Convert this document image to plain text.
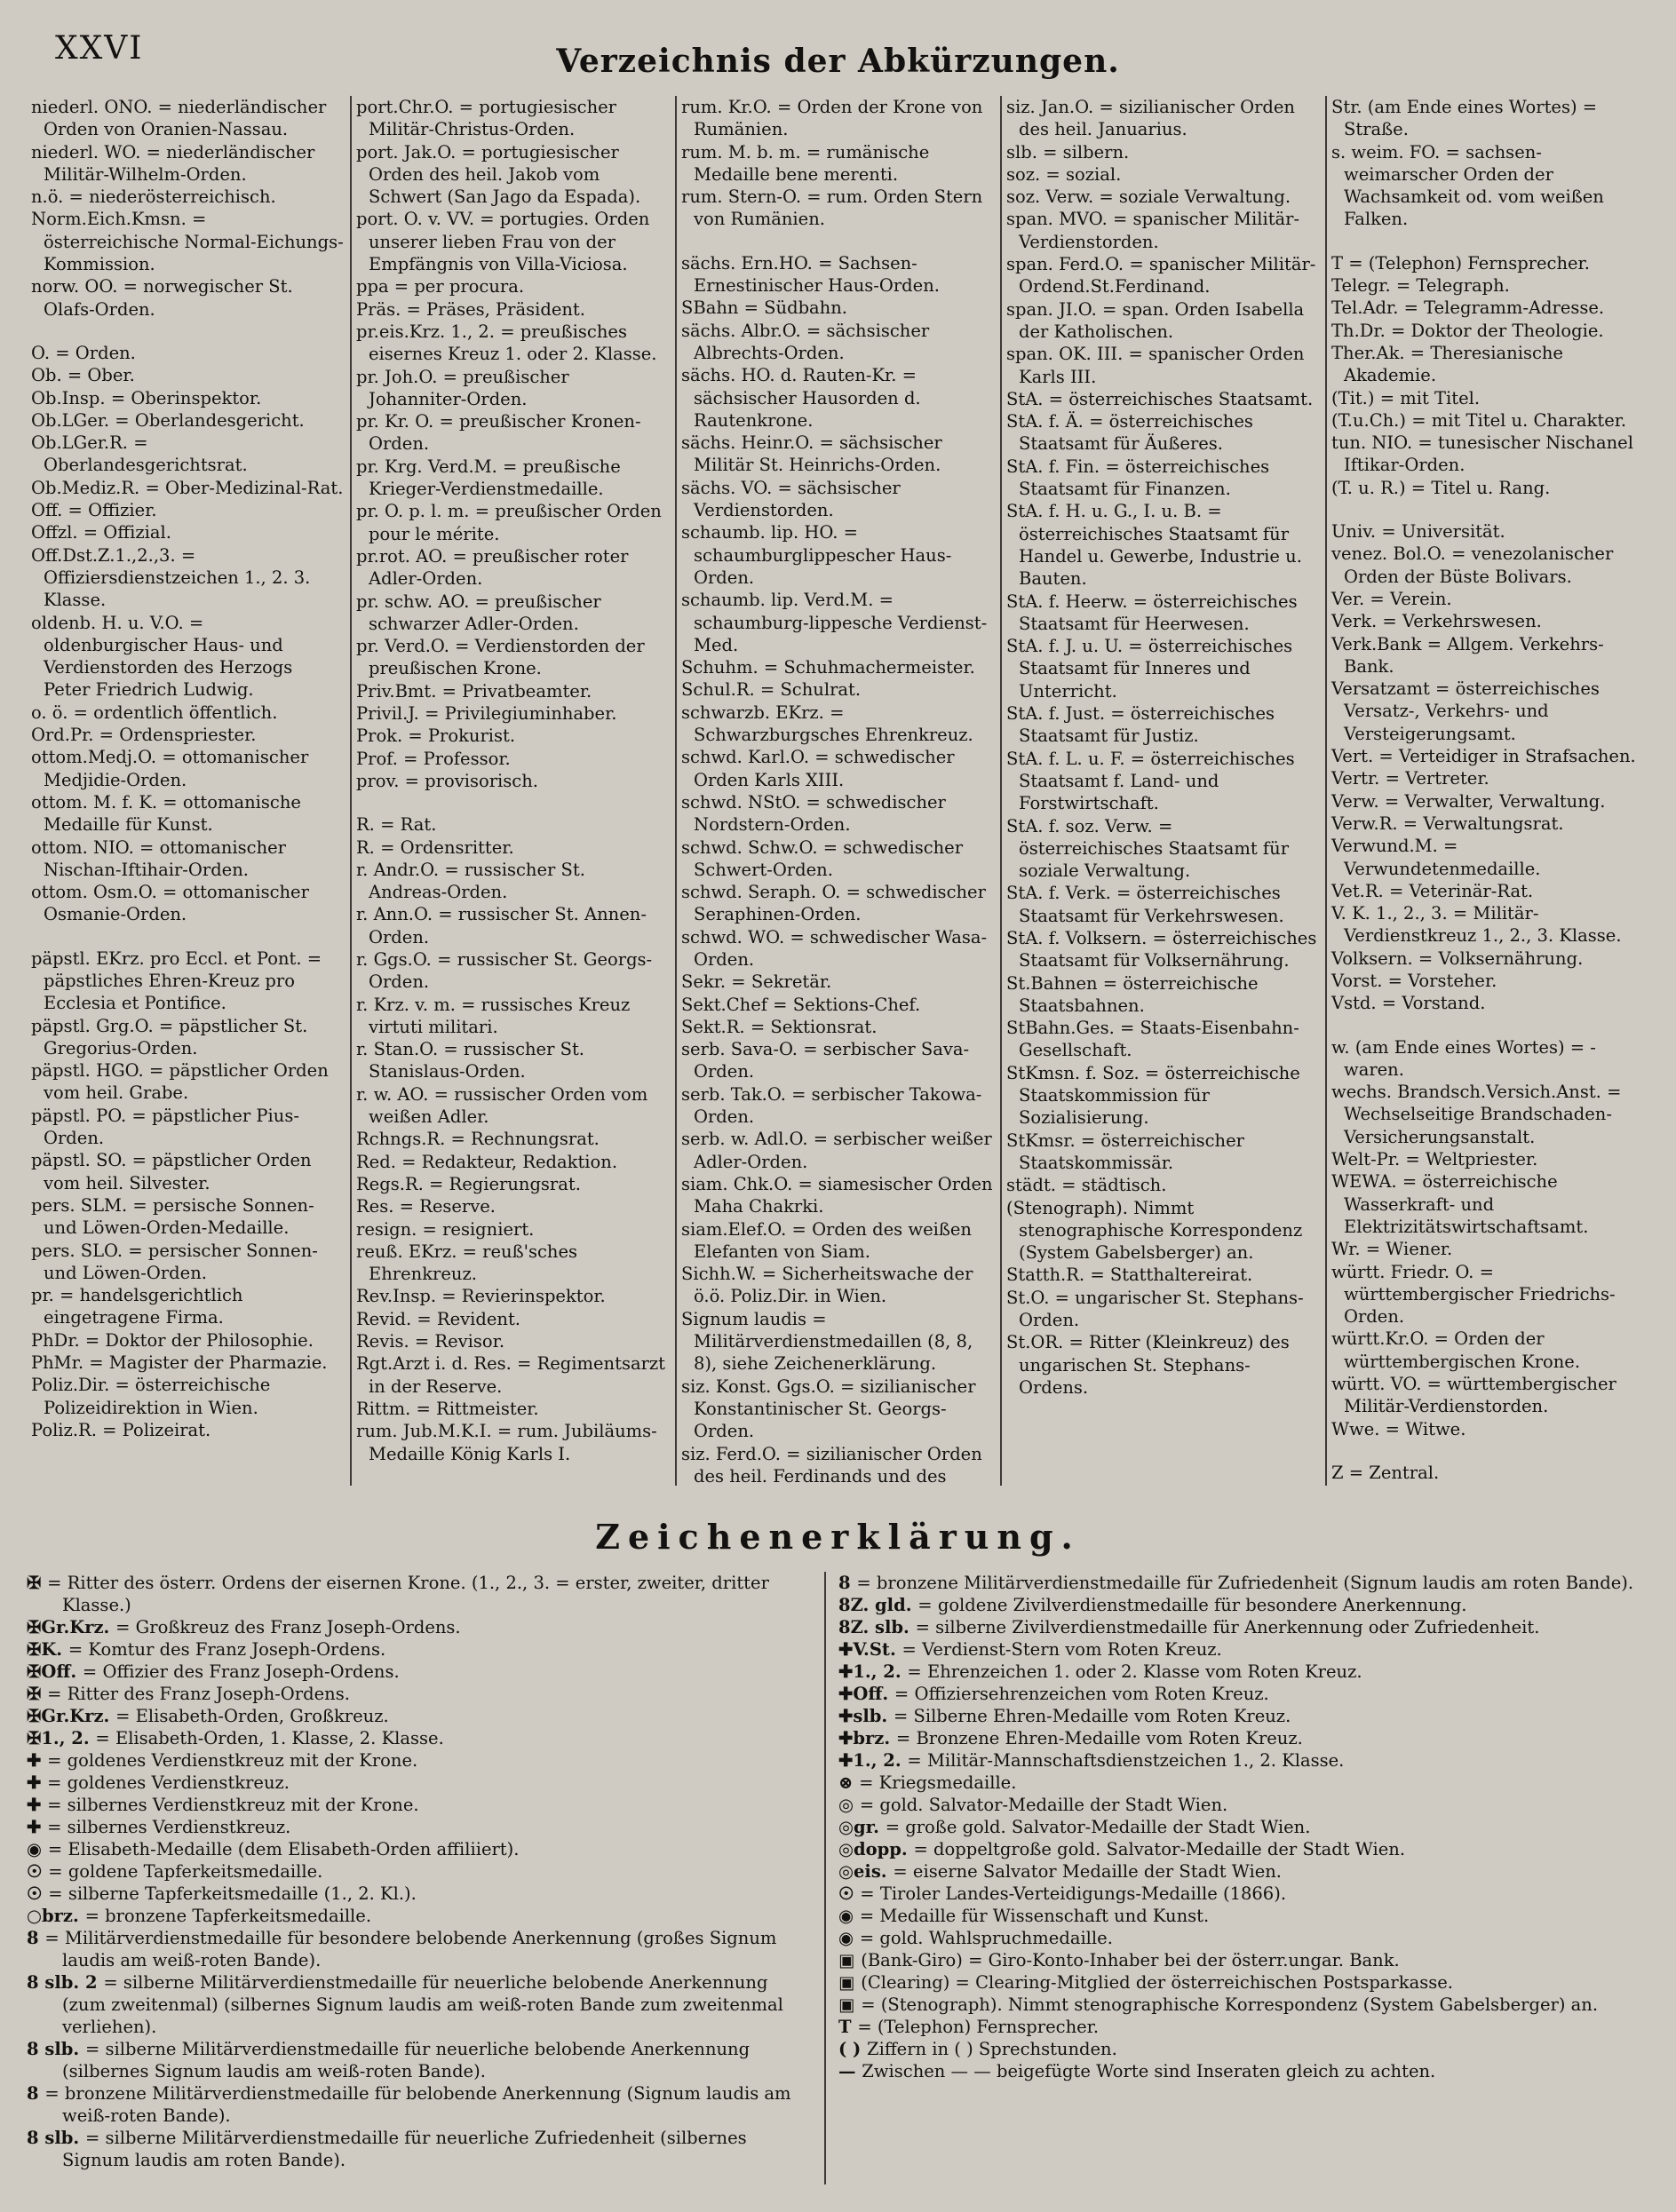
XXVI	Verzeichnis der Abkürzungen.
niederl. ONO. = niederländischer Orden von Oranien-Nassau.
niederl. WO. = niederländischer Militär-Wilhelm-Orden.
n.ö. = niederösterreichisch.
Norm.Eich.Kmsn. = österreichische Normal-Eichungs-Kommission.
norw. OO. = norwegischer St. Olafs-Orden.
O. = Orden.
Ob. = Ober.
Ob.Insp. = Oberinspektor.
Ob.LGer. = Oberlandesgericht.
Ob.LGer.R. = Oberlandesgerichtsrat.
Ob.Mediz.R. = Ober-Medizinal-Rat.
Off. = Offizier.
Offzl. = Offizial.
Off.Dst.Z.1.,2.,3. = Offiziersdienstzeichen 1., 2. 3. Klasse.
oldenb. H. u. V.O. = oldenburgischer Haus- und Verdienstorden des Herzogs Peter Friedrich Ludwig.
o. ö. = ordentlich öffentlich.
Ord.Pr. = Ordenspriester.
ottom.Medj.O. = ottomanischer Medjidie-Orden.
ottom. M. f. K. = ottomanische Medaille für Kunst.
ottom. NIO. = ottomanischer Nischan-Iftihair-Orden.
ottom. Osm.O. = ottomanischer Osmanie-Orden.
päpstl. EKrz. pro Eccl. et Pont. = päpstliches Ehren-Kreuz pro Ecclesia et Pontifice.
päpstl. Grg.O. = päpstlicher St. Gregorius-Orden.
päpstl. HGO. = päpstlicher Orden vom heil. Grabe.
päpstl. PO. = päpstlicher Pius-Orden.
päpstl. SO. = päpstlicher Orden vom heil. Silvester.
pers. SLM. = persische Sonnen- und Löwen-Orden-Medaille.
pers. SLO. = persischer Sonnen- und Löwen-Orden.
pr. = handelsgerichtlich eingetragene Firma.
PhDr. = Doktor der Philosophie.
PhMr. = Magister der Pharmazie.
Poliz.Dir. = österreichische Polizeidirektion in Wien.
Poliz.R. = Polizeirat.
port.Chr.O. = portugiesischer Militär-Christus-Orden.
port. Jak.O. = portugiesischer Orden des heil. Jakob vom Schwert (San Jago da Espada).
port. O. v. VV. = portugies. Orden unserer lieben Frau von der Empfängnis von Villa-Viciosa.
ppa = per procura.
Präs. = Präses, Präsident.
pr.eis.Krz. 1., 2. = preußisches eisernes Kreuz 1. oder 2. Klasse.
pr. Joh.O. = preußischer Johanniter-Orden.
pr. Kr. O. = preußischer Kronen-Orden.
pr. Krg. Verd.M. = preußische Krieger-Verdienstmedaille.
pr. O. p. l. m. = preußischer Orden pour le mérite.
pr.rot. AO. = preußischer roter Adler-Orden.
pr. schw. AO. = preußischer schwarzer Adler-Orden.
pr. Verd.O. = Verdienstorden der preußischen Krone.
Priv.Bmt. = Privatbeamter.
Privil.J. = Privilegiuminhaber.
Prok. = Prokurist.
Prof. = Professor.
prov. = provisorisch.
R. = Rat.
R. = Ordensritter.
r. Andr.O. = russischer St. Andreas-Orden.
r. Ann.O. = russischer St. Annen-Orden.
r. Ggs.O. = russischer St. Georgs-Orden.
r. Krz. v. m. = russisches Kreuz virtuti militari.
r. Stan.O. = russischer St. Stanislaus-Orden.
r. w. AO. = russischer Orden vom weißen Adler.
Rchngs.R. = Rechnungsrat.
Red. = Redakteur, Redaktion.
Regs.R. = Regierungsrat.
Res. = Reserve.
resign. = resigniert.
reuß. EKrz. = reuß'sches Ehrenkreuz.
Rev.Insp. = Revierinspektor.
Revid. = Revident.
Revis. = Revisor.
Rgt.Arzt i. d. Res. = Regimentsarzt in der Reserve.
Rittm. = Rittmeister.
rum. Jub.M.K.I. = rum. Jubiläums-Medaille König Karls I.
rum. Kr.O. = Orden der Krone von Rumänien.
rum. M. b. m. = rumänische Medaille bene merenti.
rum. Stern-O. = rum. Orden Stern von Rumänien.
sächs. Ern.HO. = Sachsen-Ernestinischer Haus-Orden.
SBahn = Südbahn.
sächs. Albr.O. = sächsischer Albrechts-Orden.
sächs. HO. d. Rauten-Kr. = sächsischer Hausorden d. Rautenkrone.
sächs. Heinr.O. = sächsischer Militär St. Heinrichs-Orden.
sächs. VO. = sächsischer Verdienstorden.
schaumb. lip. HO. = schaumburglippescher Haus-Orden.
schaumb. lip. Verd.M. = schaumburg-lippesche Verdienst-Med.
Schuhm. = Schuhmachermeister.
Schul.R. = Schulrat.
schwarzb. EKrz. = Schwarzburgsches Ehrenkreuz.
schwd. Karl.O. = schwedischer Orden Karls XIII.
schwd. NStO. = schwedischer Nordstern-Orden.
schwd. Schw.O. = schwedischer Schwert-Orden.
schwd. Seraph. O. = schwedischer Seraphinen-Orden.
schwd. WO. = schwedischer Wasa-Orden.
Sekr. = Sekretär.
Sekt.Chef = Sektions-Chef.
Sekt.R. = Sektionsrat.
serb. Sava-O. = serbischer Sava-Orden.
serb. Tak.O. = serbischer Takowa-Orden.
serb. w. Adl.O. = serbischer weißer Adler-Orden.
siam. Chk.O. = siamesischer Orden Maha Chakrki.
siam.Elef.O. = Orden des weißen Elefanten von Siam.
Sichh.W. = Sicherheitswache der ö.ö. Poliz.Dir. in Wien.
Signum laudis = Militärverdienstmedaillen (8, 8, 8), siehe Zeichenerklärung.
siz. Konst. Ggs.O. = sizilianischer Konstantinischer St. Georgs-Orden.
siz. Ferd.O. = sizilianischer Orden des heil. Ferdinands und des
siz. Jan.O. = sizilianischer Orden des heil. Januarius.
slb. = silbern.
soz. = sozial.
soz. Verw. = soziale Verwaltung.
span. MVO. = spanischer Militär-Verdienstorden.
span. Ferd.O. = spanischer Militär-Ordend.St.Ferdinand.
span. JI.O. = span. Orden Isabella der Katholischen.
span. OK. III. = spanischer Orden Karls III.
StA. = österreichisches Staatsamt.
StA. f. Ä. = österreichisches Staatsamt für Äußeres.
StA. f. Fin. = österreichisches Staatsamt für Finanzen.
StA. f. H. u. G., I. u. B. = österreichisches Staatsamt für Handel u. Gewerbe, Industrie u. Bauten.
StA. f. Heerw. = österreichisches Staatsamt für Heerwesen.
StA. f. J. u. U. = österreichisches Staatsamt für Inneres und Unterricht.
StA. f. Just. = österreichisches Staatsamt für Justiz.
StA. f. L. u. F. = österreichisches Staatsamt f. Land- und Forstwirtschaft.
StA. f. soz. Verw. = österreichisches Staatsamt für soziale Verwaltung.
StA. f. Verk. = österreichisches Staatsamt für Verkehrswesen.
StA. f. Volksern. = österreichisches Staatsamt für Volksernährung.
St.Bahnen = österreichische Staatsbahnen.
StBahn.Ges. = Staats-Eisenbahn-Gesellschaft.
StKmsn. f. Soz. = österreichische Staatskommission für Sozialisierung.
StKmsr. = österreichischer Staatskommissär.
städt. = städtisch.
(Stenograph). Nimmt stenographische Korrespondenz (System Gabelsberger) an.
Statth.R. = Statthaltereirat.
St.O. = ungarischer St. Stephans-Orden.
St.OR. = Ritter (Kleinkreuz) des ungarischen St. Stephans-Ordens.
Str. (am Ende eines Wortes) = Straße.
s. weim. FO. = sachsen-weimarscher Orden der Wachsamkeit od. vom weißen Falken.
T = (Telephon) Fernsprecher.
Telegr. = Telegraph.
Tel.Adr. = Telegramm-Adresse.
Th.Dr. = Doktor der Theologie.
Ther.Ak. = Theresianische Akademie.
(Tit.) = mit Titel.
(T.u.Ch.) = mit Titel u. Charakter.
tun. NIO. = tunesischer Nischanel Iftikar-Orden.
(T. u. R.) = Titel u. Rang.
Univ. = Universität.
venez. Bol.O. = venezolanischer Orden der Büste Bolivars.
Ver. = Verein.
Verk. = Verkehrswesen.
Verk.Bank = Allgem. Verkehrs-Bank.
Versatzamt = österreichisches Versatz-, Verkehrs- und Versteigerungsamt.
Vert. = Verteidiger in Strafsachen.
Vertr. = Vertreter.
Verw. = Verwalter, Verwaltung.
Verw.R. = Verwaltungsrat.
Verwund.M. = Verwundetenmedaille.
Vet.R. = Veterinär-Rat.
V. K. 1., 2., 3. = Militär-Verdienstkreuz 1., 2., 3. Klasse.
Volksern. = Volksernährung.
Vorst. = Vorsteher.
Vstd. = Vorstand.
w. (am Ende eines Wortes) = -waren.
wechs. Brandsch.Versich.Anst. = Wechselseitige Brandschaden-Versicherungsanstalt.
Welt-Pr. = Weltpriester.
WEWA. = österreichische Wasserkraft- und Elektrizitätswirtschaftsamt.
Wr. = Wiener.
württ. Friedr. O. = württembergischer Friedrichs-Orden.
württ.Kr.O. = Orden der württembergischen Krone.
württ. VO. = württembergischer Militär-Verdienstorden.
Wwe. = Witwe.
Z = Zentral.
Zeichenerklärung.
✠ = Ritter des österr. Ordens der eisernen Krone. (1., 2., 3. = erster, zweiter, dritter Klasse.)
✠Gr.Krz. = Großkreuz des Franz Joseph-Ordens.
✠K. = Komtur des Franz Joseph-Ordens.
✠Off. = Offizier des Franz Joseph-Ordens.
✠ = Ritter des Franz Joseph-Ordens.
✠Gr.Krz. = Elisabeth-Orden, Großkreuz.
✠1., 2. = Elisabeth-Orden, 1. Klasse, 2. Klasse.
✚ = goldenes Verdienstkreuz mit der Krone.
✚ = goldenes Verdienstkreuz.
✚ = silbernes Verdienstkreuz mit der Krone.
✚ = silbernes Verdienstkreuz.
◉ = Elisabeth-Medaille (dem Elisabeth-Orden affiliiert).
☉ = goldene Tapferkeitsmedaille.
☉ = silberne Tapferkeitsmedaille (1., 2. Kl.).
○brz. = bronzene Tapferkeitsmedaille.
8 = Militärverdienstmedaille für besondere belobende Anerkennung (großes Signum laudis am weiß-roten Bande).
8 slb. 2 = silberne Militärverdienstmedaille für neuerliche belobende Anerkennung (zum zweitenmal) (silbernes Signum laudis am weiß-roten Bande zum zweitenmal verliehen).
8 slb. = silberne Militärverdienstmedaille für neuerliche belobende Anerkennung (silbernes Signum laudis am weiß-roten Bande).
8 = bronzene Militärverdienstmedaille für belobende Anerkennung (Signum laudis am weiß-roten Bande).
8 slb. = silberne Militärverdienstmedaille für neuerliche Zufriedenheit (silbernes Signum laudis am roten Bande).
8 = bronzene Militärverdienstmedaille für Zufriedenheit (Signum laudis am roten Bande).
8Z. gld. = goldene Zivilverdienstmedaille für besondere Anerkennung.
8Z. slb. = silberne Zivilverdienstmedaille für Anerkennung oder Zufriedenheit.
✚V.St. = Verdienst-Stern vom Roten Kreuz.
✚1., 2. = Ehrenzeichen 1. oder 2. Klasse vom Roten Kreuz.
✚Off. = Offiziersehrenzeichen vom Roten Kreuz.
✚slb. = Silberne Ehren-Medaille vom Roten Kreuz.
✚brz. = Bronzene Ehren-Medaille vom Roten Kreuz.
✚1., 2. = Militär-Mannschaftsdienstzeichen 1., 2. Klasse.
⊗ = Kriegsmedaille.
◎ = gold. Salvator-Medaille der Stadt Wien.
◎gr. = große gold. Salvator-Medaille der Stadt Wien.
◎dopp. = doppeltgroße gold. Salvator-Medaille der Stadt Wien.
◎eis. = eiserne Salvator Medaille der Stadt Wien.
☉ = Tiroler Landes-Verteidigungs-Medaille (1866).
◉ = Medaille für Wissenschaft und Kunst.
◉ = gold. Wahlspruchmedaille.
▣ (Bank-Giro) = Giro-Konto-Inhaber bei der österr.ungar. Bank.
▣ (Clearing) = Clearing-Mitglied der österreichischen Postsparkasse.
▣ = (Stenograph). Nimmt stenographische Korrespondenz (System Gabelsberger) an.
T = (Telephon) Fernsprecher.
( ) Ziffern in ( ) Sprechstunden.
— Zwischen — — beigefügte Worte sind Inseraten gleich zu achten.
